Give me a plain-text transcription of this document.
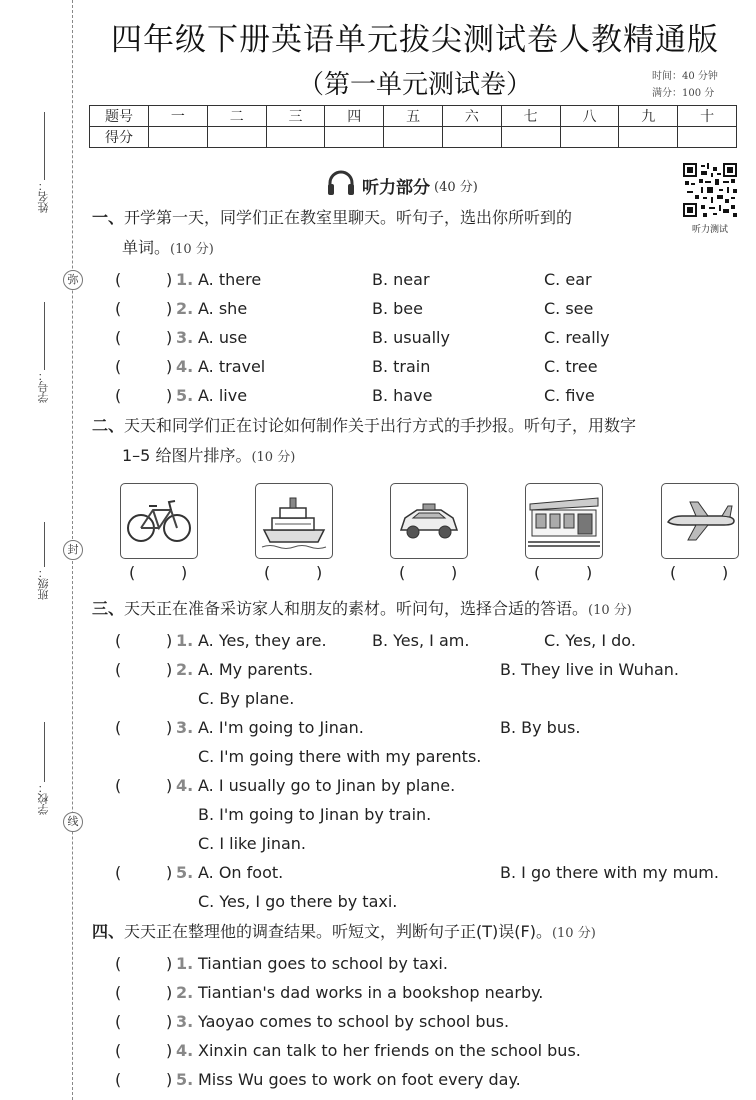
姓名：
学号：
班级：
学校：
弥
封
线
四年级下册英语单元拔尖测试卷人教精通版
（第一单元测试卷）	时间：40 分钟
满分：100 分
题号	一	二	三	四	五	六	七	八	九	十
得分										
听力部分 (40 分)
听力测试
一、开学第一天，同学们正在教室里聊天。听句子，选出你所听到的
单词。(10 分)
(	) 1. A. there	B. near	C. ear
(	) 2. A. she	B. bee	C. see
(	) 3. A. use	B. usually	C. really
(	) 4. A. travel	B. train	C. tree
(	) 5. A. live	B. have	C. five
二、天天和同学们正在讨论如何制作关于出行方式的手抄报。听句子，用数字
1–5 给图片排序。(10 分)
(	)	(	)	(	)	(	)	(	)
三、天天正在准备采访家人和朋友的素材。听问句，选择合适的答语。(10 分)
(	) 1. A. Yes, they are.	B. Yes, I am.	C. Yes, I do.
(	) 2. A. My parents.	B. They live in Wuhan.
C. By plane.
(	) 3. A. I'm going to Jinan.	B. By bus.
C. I'm going there with my parents.
(	) 4. A. I usually go to Jinan by plane.
B. I'm going to Jinan by train.
C. I like Jinan.
(	) 5. A. On foot.	B. I go there with my mum.
C. Yes, I go there by taxi.
四、天天正在整理他的调查结果。听短文，判断句子正(T)误(F)。(10 分)
(	) 1. Tiantian goes to school by taxi.
(	) 2. Tiantian's dad works in a bookshop nearby.
(	) 3. Yaoyao comes to school by school bus.
(	) 4. Xinxin can talk to her friends on the school bus.
(	) 5. Miss Wu goes to work on foot every day.
